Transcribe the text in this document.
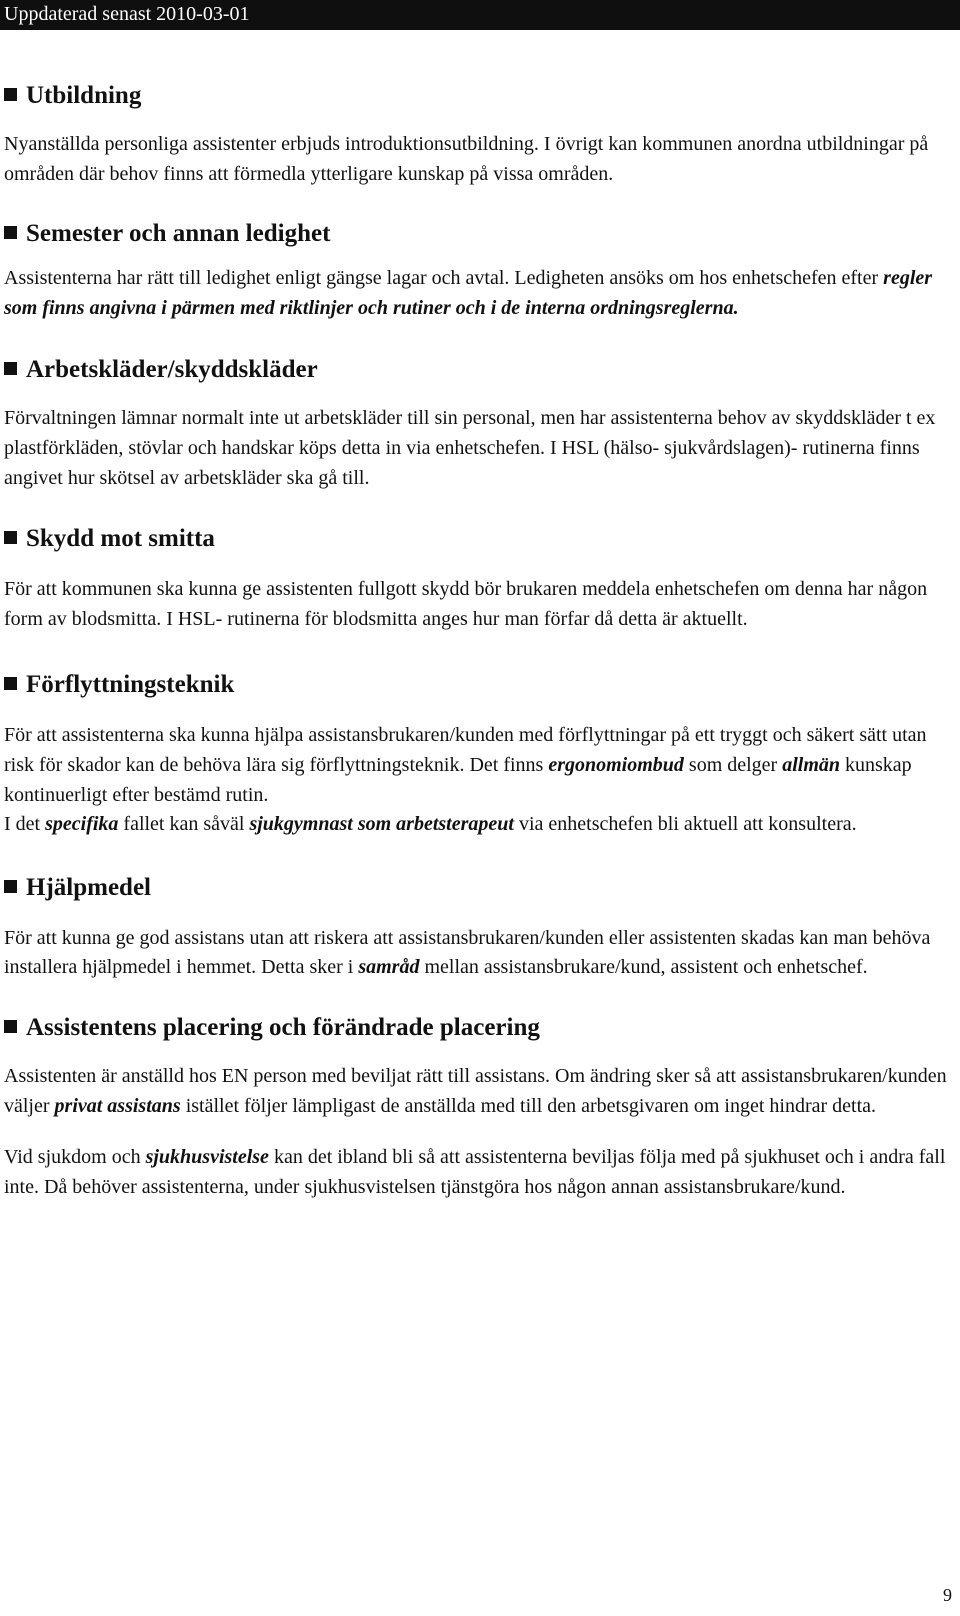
Uppdaterad senast 2010-03-01
Utbildning

Nyanställda personliga assistenter erbjuds introduktionsutbildning. I övrigt kan kommunen anordna utbildningar på områden där behov finns att förmedla ytterligare kunskap på vissa områden.

Semester och annan ledighet

Assistenterna har rätt till ledighet enligt gängse lagar och avtal. Ledigheten ansöks om hos enhetschefen efter regler som finns angivna i pärmen med riktlinjer och rutiner och i de interna ordningsreglerna.

Arbetskläder/skyddskläder

Förvaltningen lämnar normalt inte ut arbetskläder till sin personal, men har assistenterna behov av skyddskläder t ex plastförkläden, stövlar och handskar köps detta in via enhetschefen. I HSL (hälso- sjukvårdslagen)- rutinerna finns angivet hur skötsel av arbetskläder ska gå till.

Skydd mot smitta

För att kommunen ska kunna ge assistenten fullgott skydd bör brukaren meddela enhetschefen om denna har någon form av blodsmitta. I HSL- rutinerna för blodsmitta anges hur man förfar då detta är aktuellt.

Förflyttningsteknik

För att assistenterna ska kunna hjälpa assistansbrukaren/kunden med förflyttningar på ett tryggt och säkert sätt utan risk för skador kan de behöva lära sig förflyttningsteknik. Det finns ergonomiombud som delger allmän kunskap kontinuerligt efter bestämd rutin.

I det specifika fallet kan såväl sjukgymnast som arbetsterapeut via enhetschefen bli aktuell att konsultera.

Hjälpmedel

För att kunna ge god assistans utan att riskera att assistansbrukaren/kunden eller assistenten skadas kan man behöva installera hjälpmedel i hemmet. Detta sker i samråd mellan assistansbrukare/kund, assistent och enhetschef.

Assistentens placering och förändrade placering

Assistenten är anställd hos EN person med beviljat rätt till assistans. Om ändring sker så att assistansbrukaren/kunden väljer privat assistans istället följer lämpligast de anställda med till den arbetsgivaren om inget hindrar detta.

Vid sjukdom och sjukhusvistelse kan det ibland bli så att assistenterna beviljas följa med på sjukhuset och i andra fall inte. Då behöver assistenterna, under sjukhusvistelsen tjänstgöra hos någon annan assistansbrukare/kund.

9
